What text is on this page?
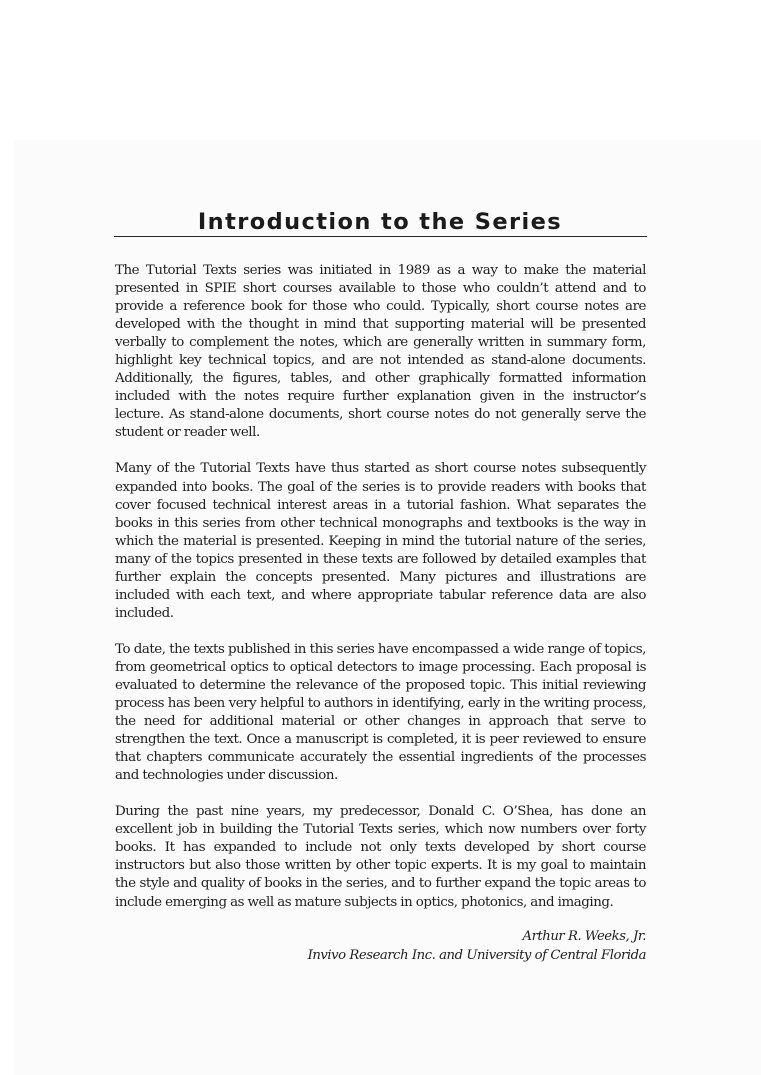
Introduction to the Series

The Tutorial Texts series was initiated in 1989 as a way to make the material presented in SPIE short courses available to those who couldn’t attend and to provide a reference book for those who could. Typically, short course notes are developed with the thought in mind that supporting material will be presented verbally to complement the notes, which are generally written in summary form, highlight key technical topics, and are not intended as stand-alone documents. Additionally, the figures, tables, and other graphically formatted information included with the notes require further explanation given in the instructor’s lecture. As stand-alone documents, short course notes do not generally serve the student or reader well.

Many of the Tutorial Texts have thus started as short course notes subsequently expanded into books. The goal of the series is to provide readers with books that cover focused technical interest areas in a tutorial fashion. What separates the books in this series from other technical monographs and textbooks is the way in which the material is presented. Keeping in mind the tutorial nature of the series, many of the topics presented in these texts are followed by detailed examples that further explain the concepts presented. Many pictures and illustrations are included with each text, and where appropriate tabular reference data are also included.

To date, the texts published in this series have encompassed a wide range of topics, from geometrical optics to optical detectors to image processing. Each proposal is evaluated to determine the relevance of the proposed topic. This initial reviewing process has been very helpful to authors in identifying, early in the writing process, the need for additional material or other changes in approach that serve to strengthen the text. Once a manuscript is completed, it is peer reviewed to ensure that chapters communicate accurately the essential ingredients of the processes and technologies under discussion.

During the past nine years, my predecessor, Donald C. O’Shea, has done an excellent job in building the Tutorial Texts series, which now numbers over forty books. It has expanded to include not only texts developed by short course instructors but also those written by other topic experts. It is my goal to maintain the style and quality of books in the series, and to further expand the topic areas to include emerging as well as mature subjects in optics, photonics, and imaging.

Arthur R. Weeks, Jr.
Invivo Research Inc. and University of Central Florida
